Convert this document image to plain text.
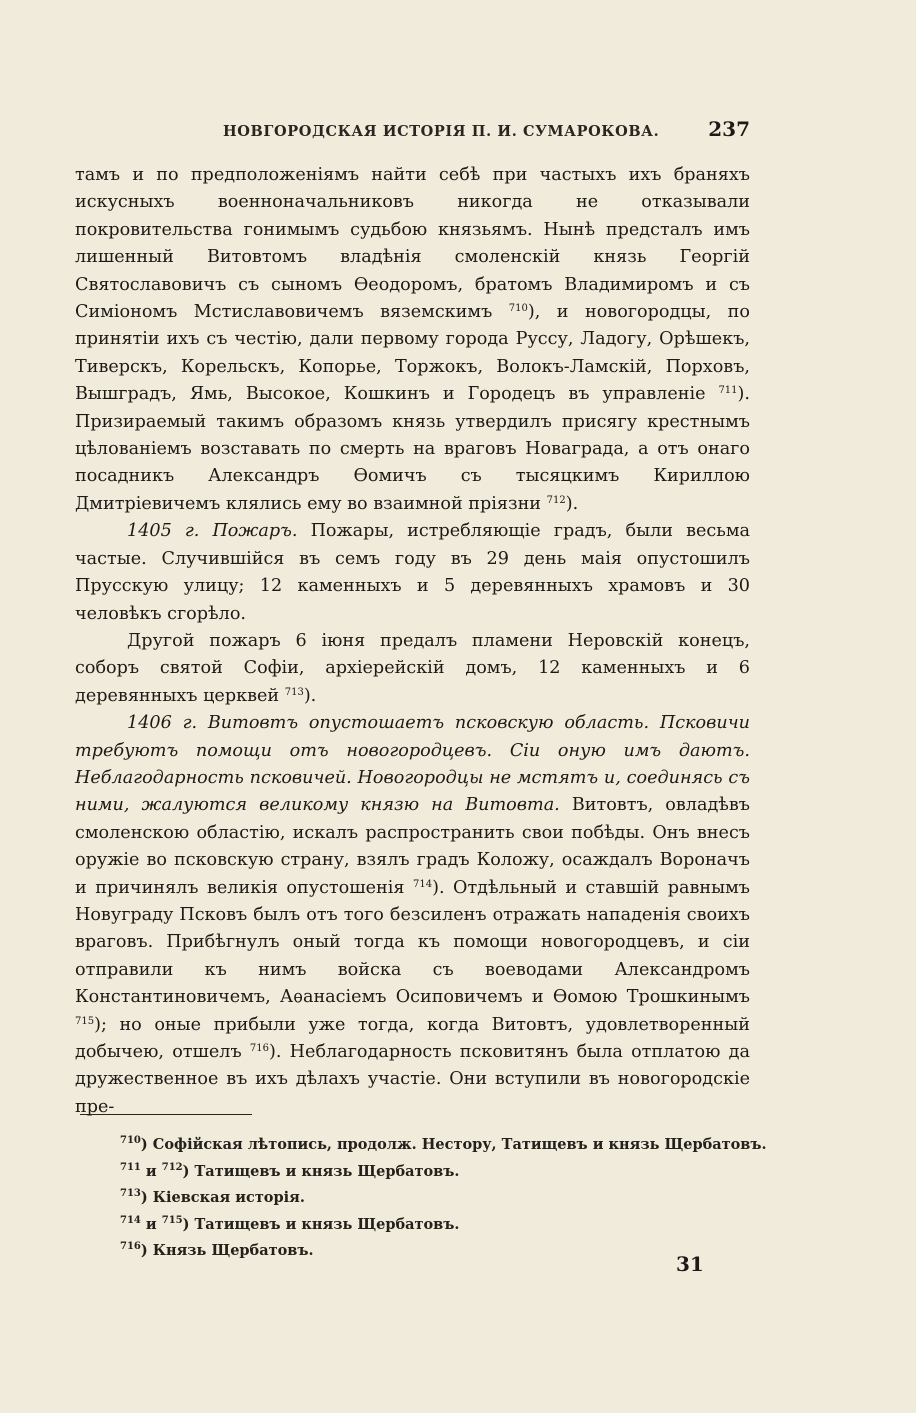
НОВГОРОДСКАЯ ИСТОРІЯ П. И. СУМАРОКОВА. 237

тамъ и по предположеніямъ найти себѣ при частыхъ ихъ браняхъ искусныхъ военноначальниковъ никогда не отказывали покровительства гонимымъ судьбою князьямъ. Нынѣ предсталъ имъ лишенный Витовтомъ владѣнія смоленскій князь Георгій Святославовичъ съ сыномъ Ѳеодоромъ, братомъ Владимиромъ и съ Симіономъ Мстиславовичемъ вяземскимъ $^{710}$), и новогородцы, по принятіи ихъ съ честію, дали первому города Руссу, Ладогу, Орѣшекъ, Тиверскъ, Корельскъ, Копорье, Торжокъ, Волокъ-Ламскій, Порховъ, Вышградъ, Ямь, Высокое, Кошкинъ и Городецъ въ управленіе $^{711}$). Призираемый такимъ образомъ князь утвердилъ присягу крестнымъ цѣлованіемъ возставать по смерть на враговъ Новаграда, а отъ онаго посадникъ Александръ Ѳомичъ съ тысяцкимъ Кириллою Дмитріевичемъ клялись ему во взаимной пріязни $^{712}$).

1405 г. Пожаръ. Пожары, истребляющіе градъ, были весьма частые. Случившійся въ семъ году въ 29 день маія опустошилъ Прусскую улицу; 12 каменныхъ и 5 деревянныхъ храмовъ и 30 человѣкъ сгорѣло.

Другой пожаръ 6 іюня предалъ пламени Неровскій конецъ, соборъ святой Софіи, архіерейскій домъ, 12 каменныхъ и 6 деревянныхъ церквей $^{713}$).

1406 г. Витовтъ опустошаетъ псковскую область. Псковичи требуютъ помощи отъ новогородцевъ. Сіи оную имъ даютъ. Неблагодарность псковичей. Новогородцы не мстятъ и, соединясь съ ними, жалуются великому князю на Витовта. Витовтъ, овладѣвъ смоленскою областію, искалъ распространить свои побѣды. Онъ внесъ оружіе во псковскую страну, взялъ градъ Коложу, осаждалъ Вороначъ и причинялъ великія опустошенія $^{714}$). Отдѣльный и ставшій равнымъ Новуграду Псковъ былъ отъ того безсиленъ отражать нападенія своихъ враговъ. Прибѣгнулъ оный тогда къ помощи новогородцевъ, и сіи отправили къ нимъ войска съ воеводами Александромъ Константиновичемъ, Аѳанасіемъ Осиповичемъ и Ѳомою Трошкинымъ $^{715}$); но оные прибыли уже тогда, когда Витовтъ, удовлетворенный добычею, отшелъ $^{716}$). Неблагодарность псковитянъ была отплатою да дружественное въ ихъ дѣлахъ участіе. Они вступили въ новогородскіе пре-

$^{710}$) Софійская лѣтопись, продолж. Нестору, Татищевъ и князь Щербатовъ.
$^{711}$ и $^{712}$) Татищевъ и князь Щербатовъ.
$^{713}$) Кіевская исторія.
$^{714}$ и $^{715}$) Татищевъ и князь Щербатовъ.
$^{716}$) Князь Щербатовъ.
31
